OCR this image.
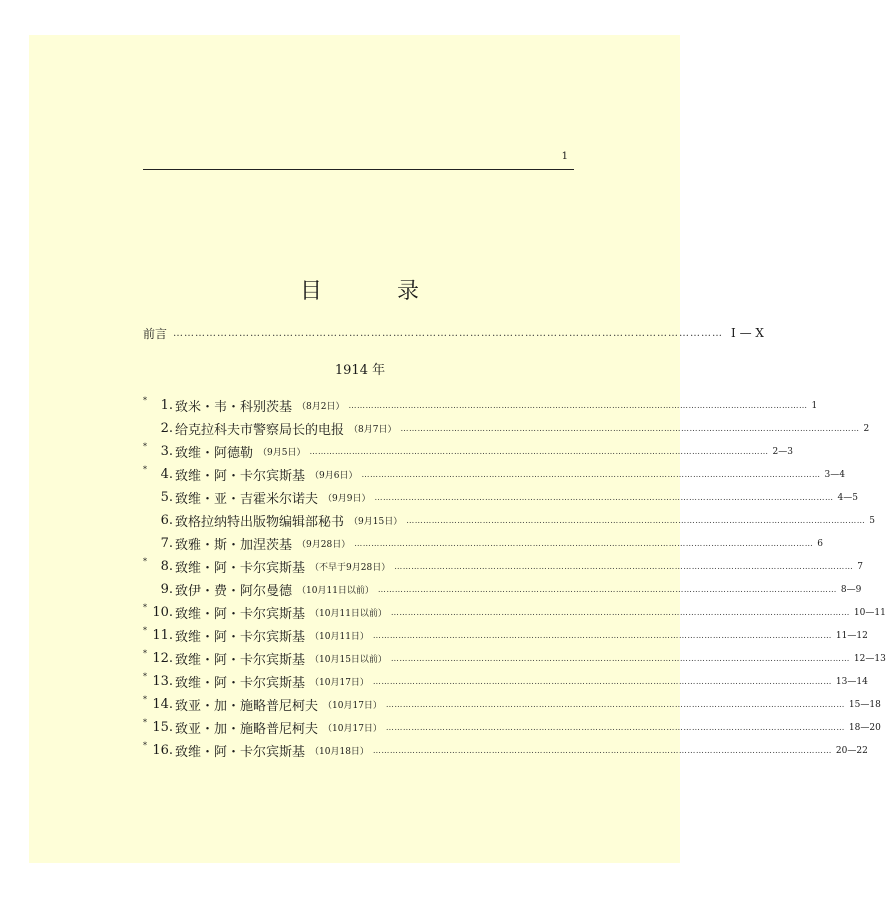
1
目 录
前言 …………………………………………………………………………………………………………………………………… I — X
1914 年
*	1. 致米・韦・科别茨基 （8月2日） ……………………………………………………………………………………………………………………………………………… 1
2. 给克拉科夫市警察局长的电报 （8月7日） ……………………………………………………………………………………………………………………………………………… 2
*	3. 致维・阿德勒 （9月5日） ……………………………………………………………………………………………………………………………………………… 2—3
*	4. 致维・阿・卡尔宾斯基 （9月6日） ……………………………………………………………………………………………………………………………………………… 3—4
5. 致维・亚・吉霍米尔诺夫 （9月9日） ……………………………………………………………………………………………………………………………………………… 4—5
6. 致格拉纳特出版物编辑部秘书 （9月15日） ……………………………………………………………………………………………………………………………………………… 5
7. 致雅・斯・加涅茨基 （9月28日） ……………………………………………………………………………………………………………………………………………… 6
*	8. 致维・阿・卡尔宾斯基 （不早于9月28日） ……………………………………………………………………………………………………………………………………………… 7
9. 致伊・费・阿尔曼德 （10月11日以前） ……………………………………………………………………………………………………………………………………………… 8—9
* 10. 致维・阿・卡尔宾斯基 （10月11日以前） ……………………………………………………………………………………………………………………………………………… 10—11
* 11. 致维・阿・卡尔宾斯基 （10月11日） ……………………………………………………………………………………………………………………………………………… 11—12
* 12. 致维・阿・卡尔宾斯基 （10月15日以前） ……………………………………………………………………………………………………………………………………………… 12—13
* 13. 致维・阿・卡尔宾斯基 （10月17日） ……………………………………………………………………………………………………………………………………………… 13—14
* 14. 致亚・加・施略普尼柯夫 （10月17日） ……………………………………………………………………………………………………………………………………………… 15—18
* 15. 致亚・加・施略普尼柯夫 （10月17日） ……………………………………………………………………………………………………………………………………………… 18—20
* 16. 致维・阿・卡尔宾斯基 （10月18日） ……………………………………………………………………………………………………………………………………………… 20—22
